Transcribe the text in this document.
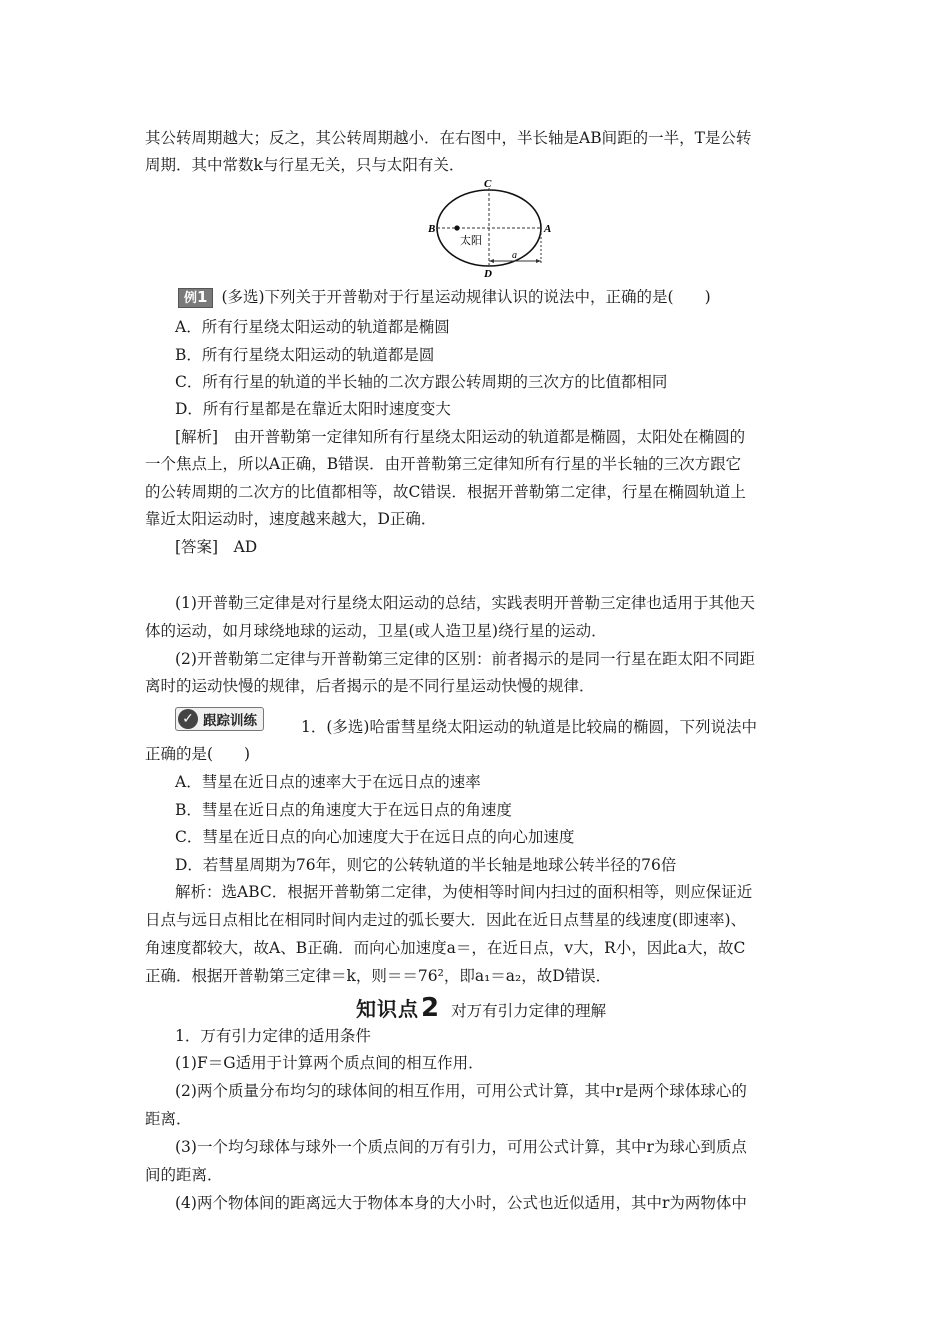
其公转周期越大；反之，其公转周期越小．在右图中，半长轴是AB间距的一半，T是公转
周期．其中常数k与行星无关，只与太阳有关．
C
B	A
D
太阳
a
例1 (多选)下列关于开普勒对于行星运动规律认识的说法中，正确的是(　　)
A．所有行星绕太阳运动的轨道都是椭圆
B．所有行星绕太阳运动的轨道都是圆
C．所有行星的轨道的半长轴的二次方跟公转周期的三次方的比值都相同
D．所有行星都是在靠近太阳时速度变大
[解析]　由开普勒第一定律知所有行星绕太阳运动的轨道都是椭圆，太阳处在椭圆的
一个焦点上，所以A正确，B错误．由开普勒第三定律知所有行星的半长轴的三次方跟它
的公转周期的二次方的比值都相等，故C错误．根据开普勒第二定律，行星在椭圆轨道上
靠近太阳运动时，速度越来越大，D正确．
[答案]　AD
(1)开普勒三定律是对行星绕太阳运动的总结，实践表明开普勒三定律也适用于其他天
体的运动，如月球绕地球的运动，卫星(或人造卫星)绕行星的运动．
(2)开普勒第二定律与开普勒第三定律的区别：前者揭示的是同一行星在距太阳不同距
离时的运动快慢的规律，后者揭示的是不同行星运动快慢的规律．
✓ 跟踪训练	1．(多选)哈雷彗星绕太阳运动的轨道是比较扁的椭圆，下列说法中
正确的是(　　)
A．彗星在近日点的速率大于在远日点的速率
B．彗星在近日点的角速度大于在远日点的角速度
C．彗星在近日点的向心加速度大于在远日点的向心加速度
D．若彗星周期为76年，则它的公转轨道的半长轴是地球公转半径的76倍
解析：选ABC．根据开普勒第二定律，为使相等时间内扫过的面积相等，则应保证近
日点与远日点相比在相同时间内走过的弧长要大．因此在近日点彗星的线速度(即速率)、
角速度都较大，故A、B正确．而向心加速度a＝，在近日点，v大，R小，因此a大，故C
正确．根据开普勒第三定律＝k，则＝＝76²，即a₁＝a₂，故D错误．
知识点 2 对万有引力定律的理解
1．万有引力定律的适用条件
(1)F＝G适用于计算两个质点间的相互作用．
(2)两个质量分布均匀的球体间的相互作用，可用公式计算，其中r是两个球体球心的
距离．
(3)一个均匀球体与球外一个质点间的万有引力，可用公式计算，其中r为球心到质点
间的距离．
(4)两个物体间的距离远大于物体本身的大小时，公式也近似适用，其中r为两物体中
